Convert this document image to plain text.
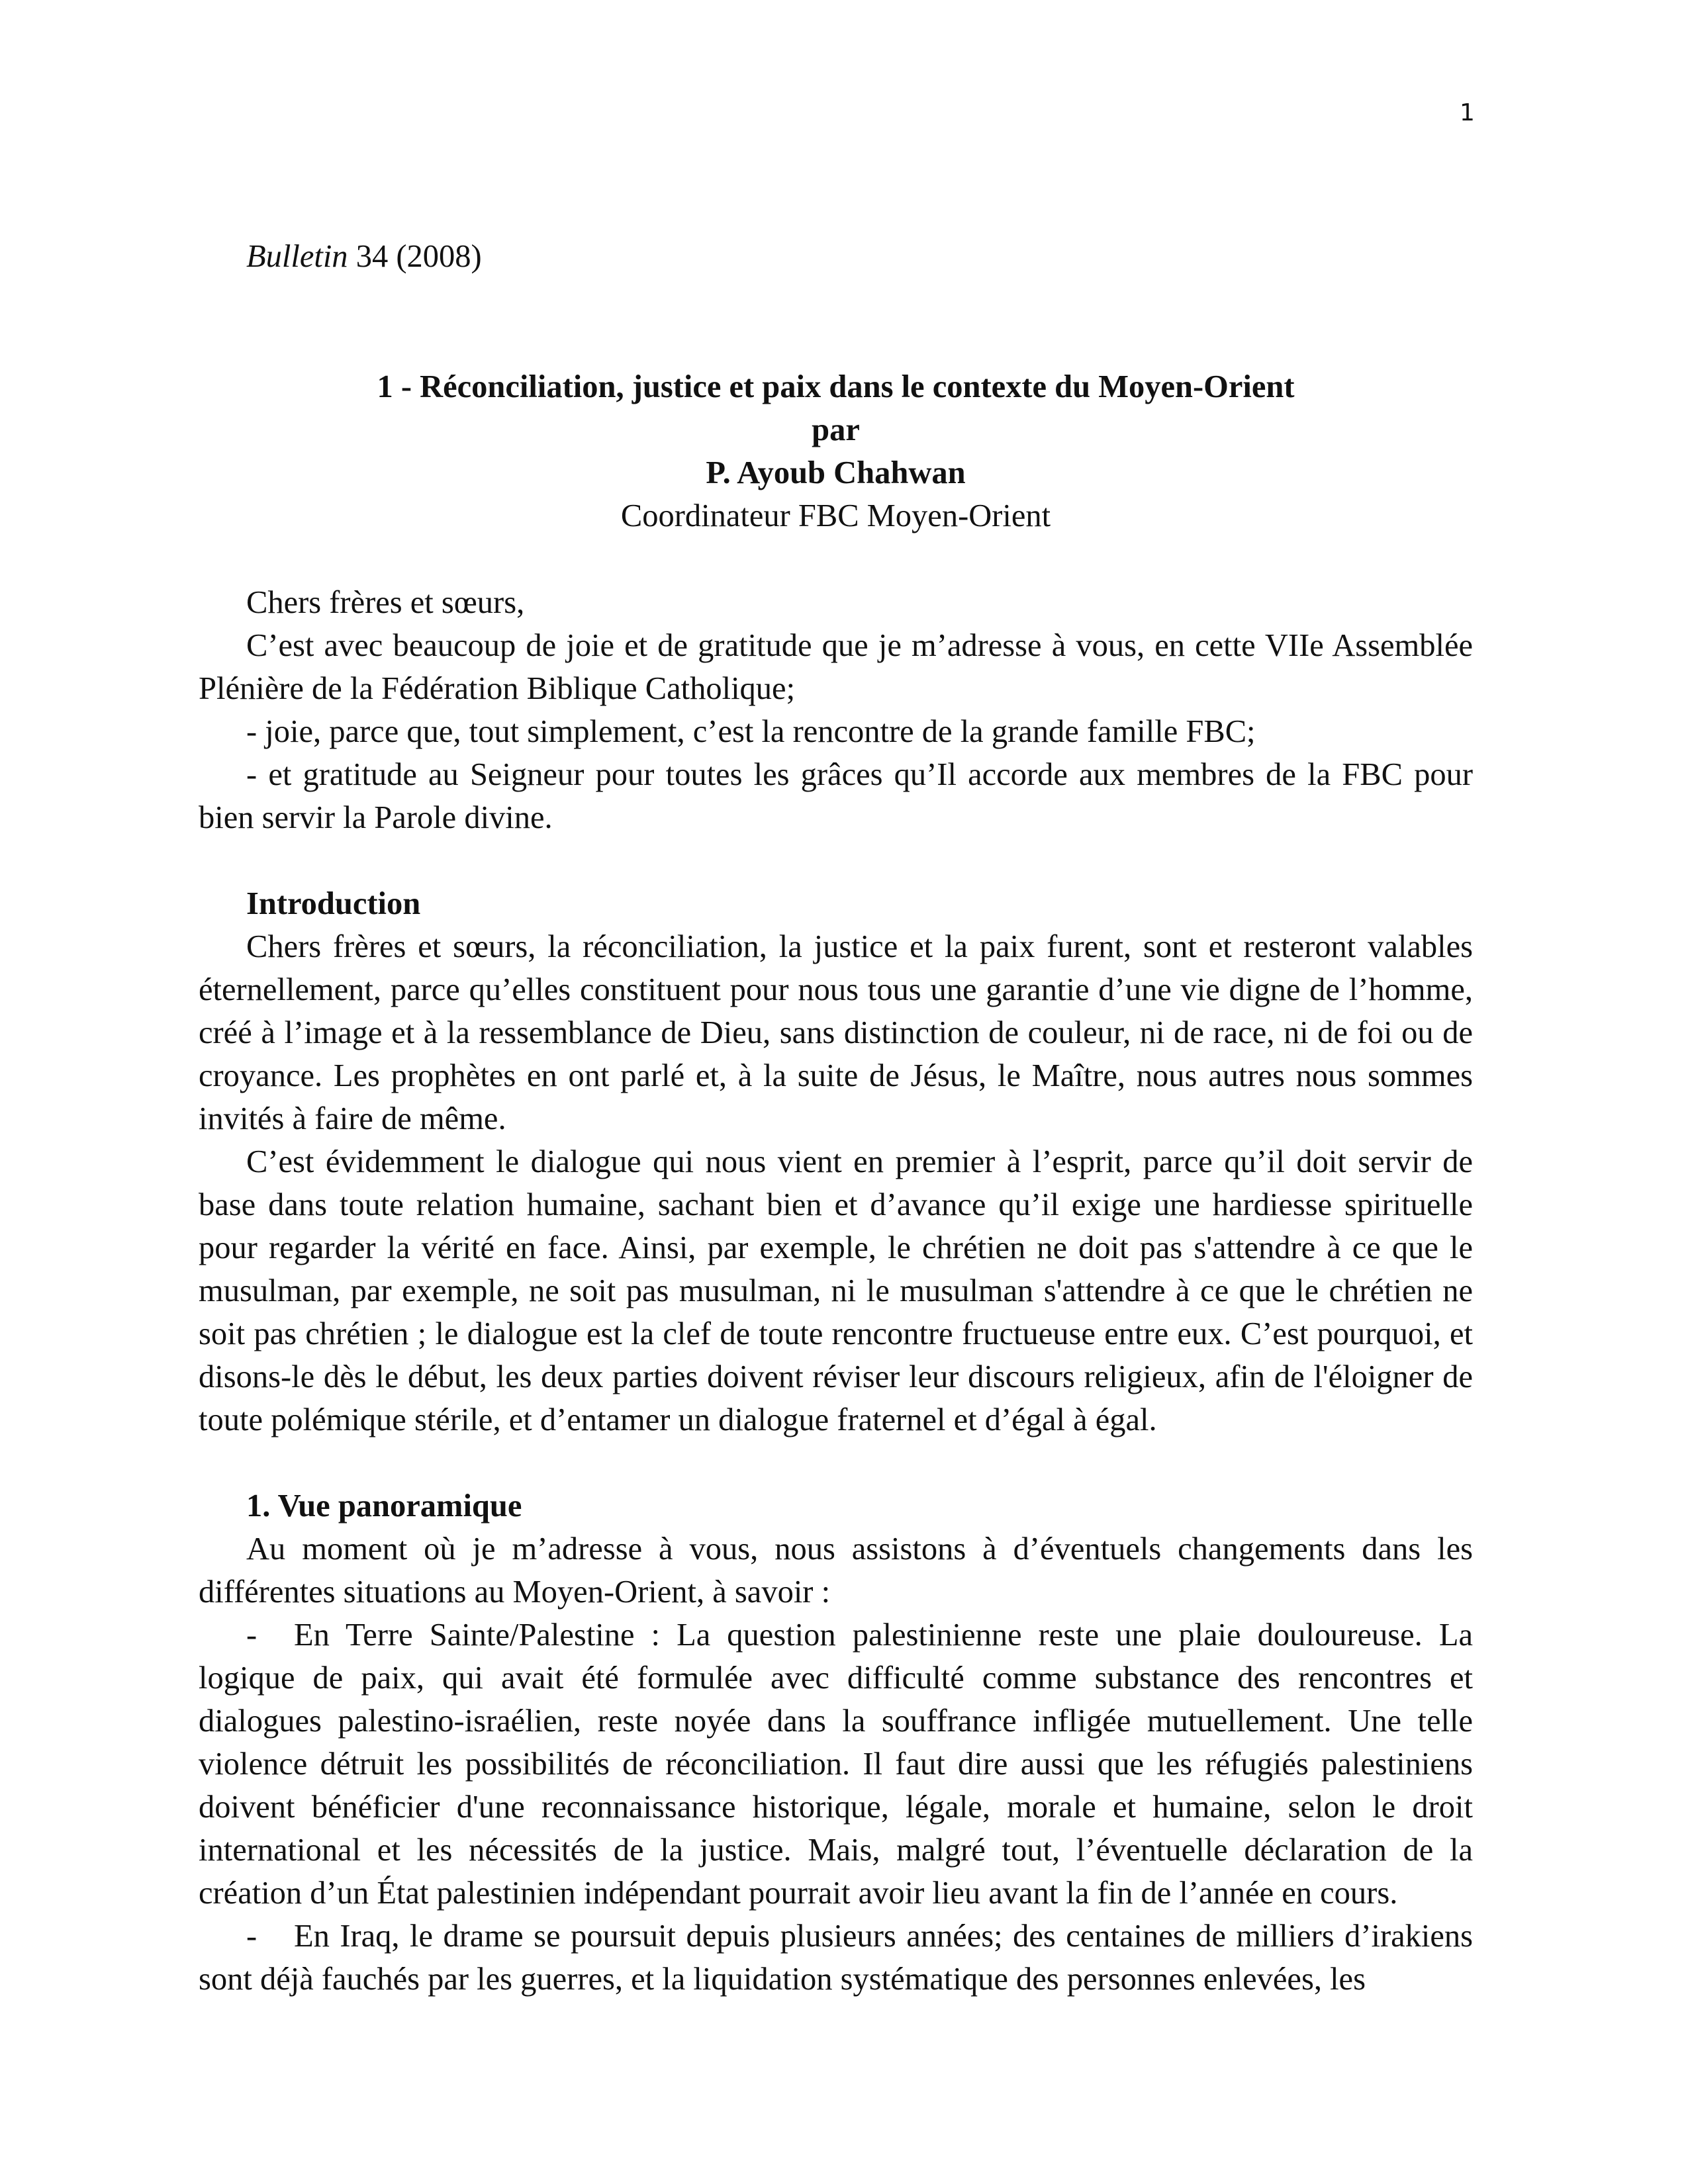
1
Bulletin 34 (2008)
1 - Réconciliation, justice et paix dans le contexte du Moyen-Orient
par
P. Ayoub Chahwan
Coordinateur FBC Moyen-Orient

Chers frères et sœurs,

C’est avec beaucoup de joie et de gratitude que je m’adresse à vous, en cette VIIe Assemblée Plénière de la Fédération Biblique Catholique;

- joie, parce que, tout simplement, c’est la rencontre de la grande famille FBC;

- et gratitude au Seigneur pour toutes les grâces qu’Il accorde aux membres de la FBC pour bien servir la Parole divine.

Introduction

Chers frères et sœurs, la réconciliation, la justice et la paix furent, sont et resteront valables éternellement, parce qu’elles constituent pour nous tous une garantie d’une vie digne de l’homme, créé à l’image et à la ressemblance de Dieu, sans distinction de couleur, ni de race, ni de foi ou de croyance. Les prophètes en ont parlé et, à la suite de Jésus, le Maître, nous autres nous sommes invités à faire de même.

C’est évidemment le dialogue qui nous vient en premier à l’esprit, parce qu’il doit servir de base dans toute relation humaine, sachant bien et d’avance qu’il exige une hardiesse spirituelle pour regarder la vérité en face. Ainsi, par exemple, le chrétien ne doit pas s'attendre à ce que le musulman, par exemple, ne soit pas musulman, ni le musulman s'attendre à ce que le chrétien ne soit pas chrétien ; le dialogue est la clef de toute rencontre fructueuse entre eux. C’est pourquoi, et disons-le dès le début, les deux parties doivent réviser leur discours religieux, afin de l'éloigner de toute polémique stérile, et d’entamer un dialogue fraternel et d’égal à égal.

1. Vue panoramique

Au moment où je m’adresse à vous, nous assistons à d’éventuels changements dans les différentes situations au Moyen-Orient, à savoir :

- En Terre Sainte/Palestine : La question palestinienne reste une plaie douloureuse. La logique de paix, qui avait été formulée avec difficulté comme substance des rencontres et dialogues palestino-israélien, reste noyée dans la souffrance infligée mutuellement. Une telle violence détruit les possibilités de réconciliation. Il faut dire aussi que les réfugiés palestiniens doivent bénéficier d'une reconnaissance historique, légale, morale et humaine, selon le droit international et les nécessités de la justice. Mais, malgré tout, l’éventuelle déclaration de la création d’un État palestinien indépendant pourrait avoir lieu avant la fin de l’année en cours.

- En Iraq, le drame se poursuit depuis plusieurs années; des centaines de milliers d’irakiens sont déjà fauchés par les guerres, et la liquidation systématique des personnes enlevées, les
